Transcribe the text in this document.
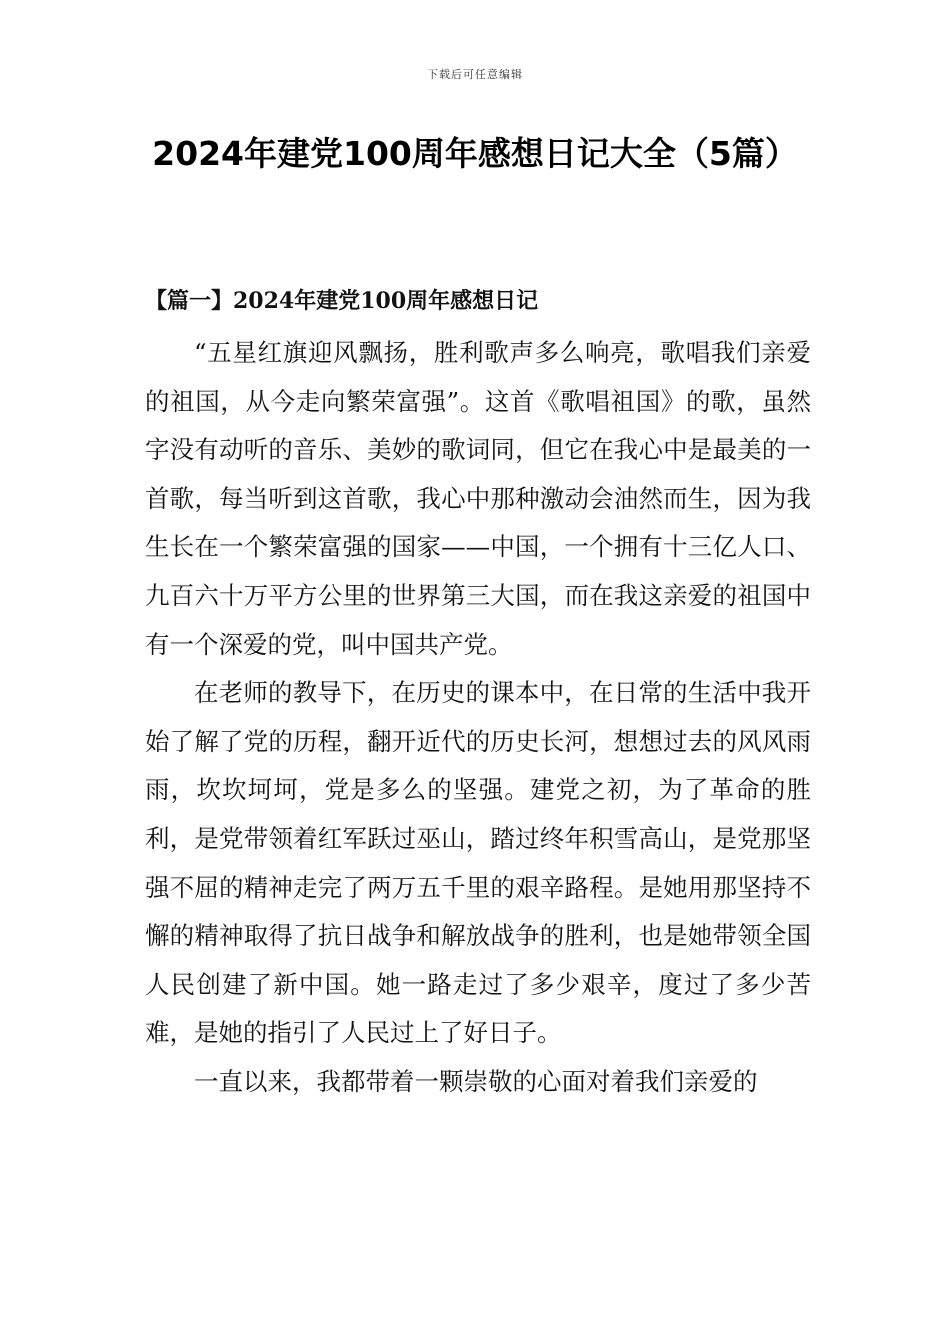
下载后可任意编辑
2024年建党100周年感想日记大全（5篇）
【篇一】2024年建党100周年感想日记

“五星红旗迎风飘扬，胜利歌声多么响亮，歌唱我们亲爱的祖国，从今走向繁荣富强”。这首《歌唱祖国》的歌，虽然字没有动听的音乐、美妙的歌词同，但它在我心中是最美的一首歌，每当听到这首歌，我心中那种激动会油然而生，因为我生长在一个繁荣富强的国家——中国，一个拥有十三亿人口、九百六十万平方公里的世界第三大国，而在我这亲爱的祖国中有一个深爱的党，叫中国共产党。

在老师的教导下，在历史的课本中，在日常的生活中我开始了解了党的历程，翻开近代的历史长河，想想过去的风风雨雨，坎坎坷坷，党是多么的坚强。建党之初，为了革命的胜利，是党带领着红军跃过巫山，踏过终年积雪高山，是党那坚强不屈的精神走完了两万五千里的艰辛路程。是她用那坚持不懈的精神取得了抗日战争和解放战争的胜利，也是她带领全国人民创建了新中国。她一路走过了多少艰辛，度过了多少苦难，是她的指引了人民过上了好日子。

一直以来，我都带着一颗崇敬的心面对着我们亲爱的
